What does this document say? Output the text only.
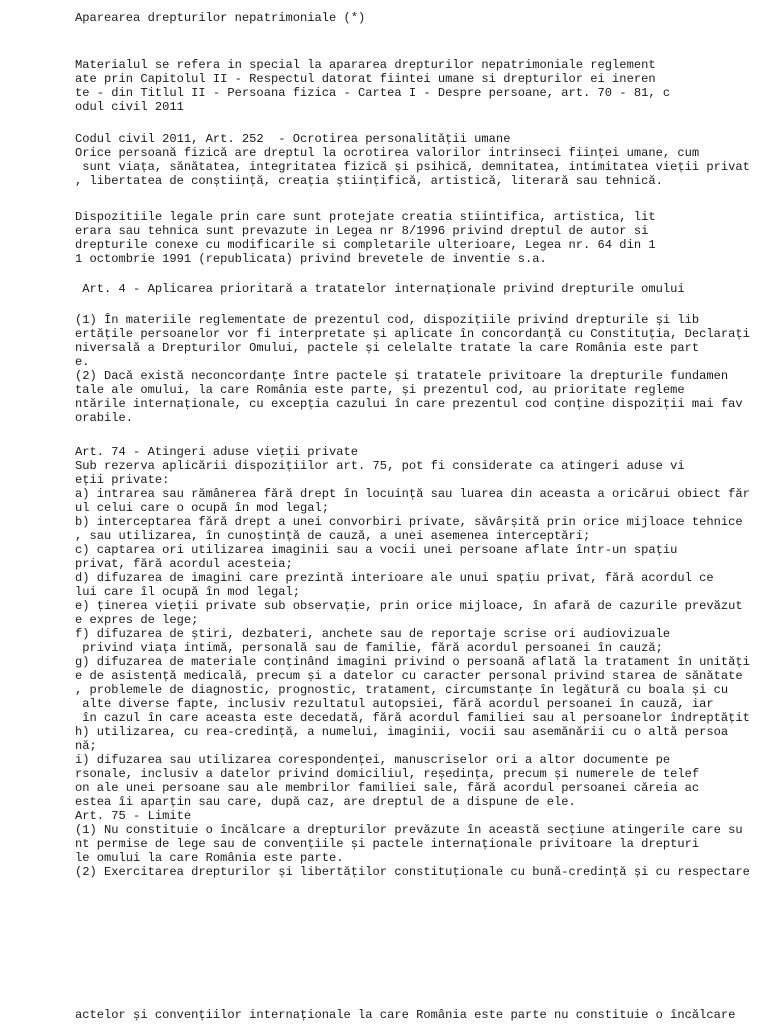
Aparearea drepturilor nepatrimoniale (*)

Materialul se refera in special la apararea drepturilor nepatrimoniale reglement

ate prin Capitolul II - Respectul datorat fiintei umane si drepturilor ei ineren

te - din Titlul II - Persoana fizica - Cartea I - Despre persoane, art. 70 - 81, c

odul civil 2011

Codul civil 2011, Art. 252  - Ocrotirea personalității umane

Orice persoană fizică are dreptul la ocrotirea valorilor intrinseci ființei umane, cum

sunt viața, sănătatea, integritatea fizică și psihică, demnitatea, intimitatea vieții privat

, libertatea de conștiință, creația științifică, artistică, literară sau tehnică.

Dispozitiile legale prin care sunt protejate creatia stiintifica, artistica, lit

erara sau tehnica sunt prevazute in Legea nr 8/1996 privind dreptul de autor si

drepturile conexe cu modificarile si completarile ulterioare, Legea nr. 64 din 1

1 octombrie 1991 (republicata) privind brevetele de inventie s.a.

Art. 4 - Aplicarea prioritară a tratatelor internaționale privind drepturile omului

(1) În materiile reglementate de prezentul cod, dispozițiile privind drepturile și lib

ertățile persoanelor vor fi interpretate și aplicate în concordanță cu Constituția, Declarați

niversală a Drepturilor Omului, pactele și celelalte tratate la care România este part

e.

(2) Dacă există neconcordanțe între pactele și tratatele privitoare la drepturile fundamen

tale ale omului, la care România este parte, și prezentul cod, au prioritate regleme

ntările internaționale, cu excepția cazului în care prezentul cod conține dispoziții mai fav

orabile.

Art. 74 - Atingeri aduse vieții private

Sub rezerva aplicării dispozițiilor art. 75, pot fi considerate ca atingeri aduse vi

eții private:

a) intrarea sau rămânerea fără drept în locuință sau luarea din aceasta a oricărui obiect făr

ul celui care o ocupă în mod legal;

b) interceptarea fără drept a unei convorbiri private, săvârșită prin orice mijloace tehnice

, sau utilizarea, în cunoștință de cauză, a unei asemenea interceptări;

c) captarea ori utilizarea imaginii sau a vocii unei persoane aflate într-un spațiu

privat, fără acordul acesteia;

d) difuzarea de imagini care prezintă interioare ale unui spațiu privat, fără acordul ce

lui care îl ocupă în mod legal;

e) ținerea vieții private sub observație, prin orice mijloace, în afară de cazurile prevăzut

e expres de lege;

f) difuzarea de știri, dezbateri, anchete sau de reportaje scrise ori audiovizuale

privind viața intimă, personală sau de familie, fără acordul persoanei în cauză;

g) difuzarea de materiale conținând imagini privind o persoană aflată la tratament în unități

e de asistență medicală, precum și a datelor cu caracter personal privind starea de sănătate

, problemele de diagnostic, prognostic, tratament, circumstanțe în legătură cu boala și cu

alte diverse fapte, inclusiv rezultatul autopsiei, fără acordul persoanei în cauză, iar

în cazul în care aceasta este decedată, fără acordul familiei sau al persoanelor îndreptățit

h) utilizarea, cu rea-credință, a numelui, imaginii, vocii sau asemănării cu o altă persoa

nă;

i) difuzarea sau utilizarea corespondenței, manuscriselor ori a altor documente pe

rsonale, inclusiv a datelor privind domiciliul, reședința, precum și numerele de telef

on ale unei persoane sau ale membrilor familiei sale, fără acordul persoanei căreia ac

estea îi aparțin sau care, după caz, are dreptul de a dispune de ele.

Art. 75 - Limite

(1) Nu constituie o încălcare a drepturilor prevăzute în această secțiune atingerile care su

nt permise de lege sau de convențiile și pactele internaționale privitoare la drepturi

le omului la care România este parte.

(2) Exercitarea drepturilor și libertăților constituționale cu bună-credință și cu respectare

actelor și convențiilor internaționale la care România este parte nu constituie o încălcare
